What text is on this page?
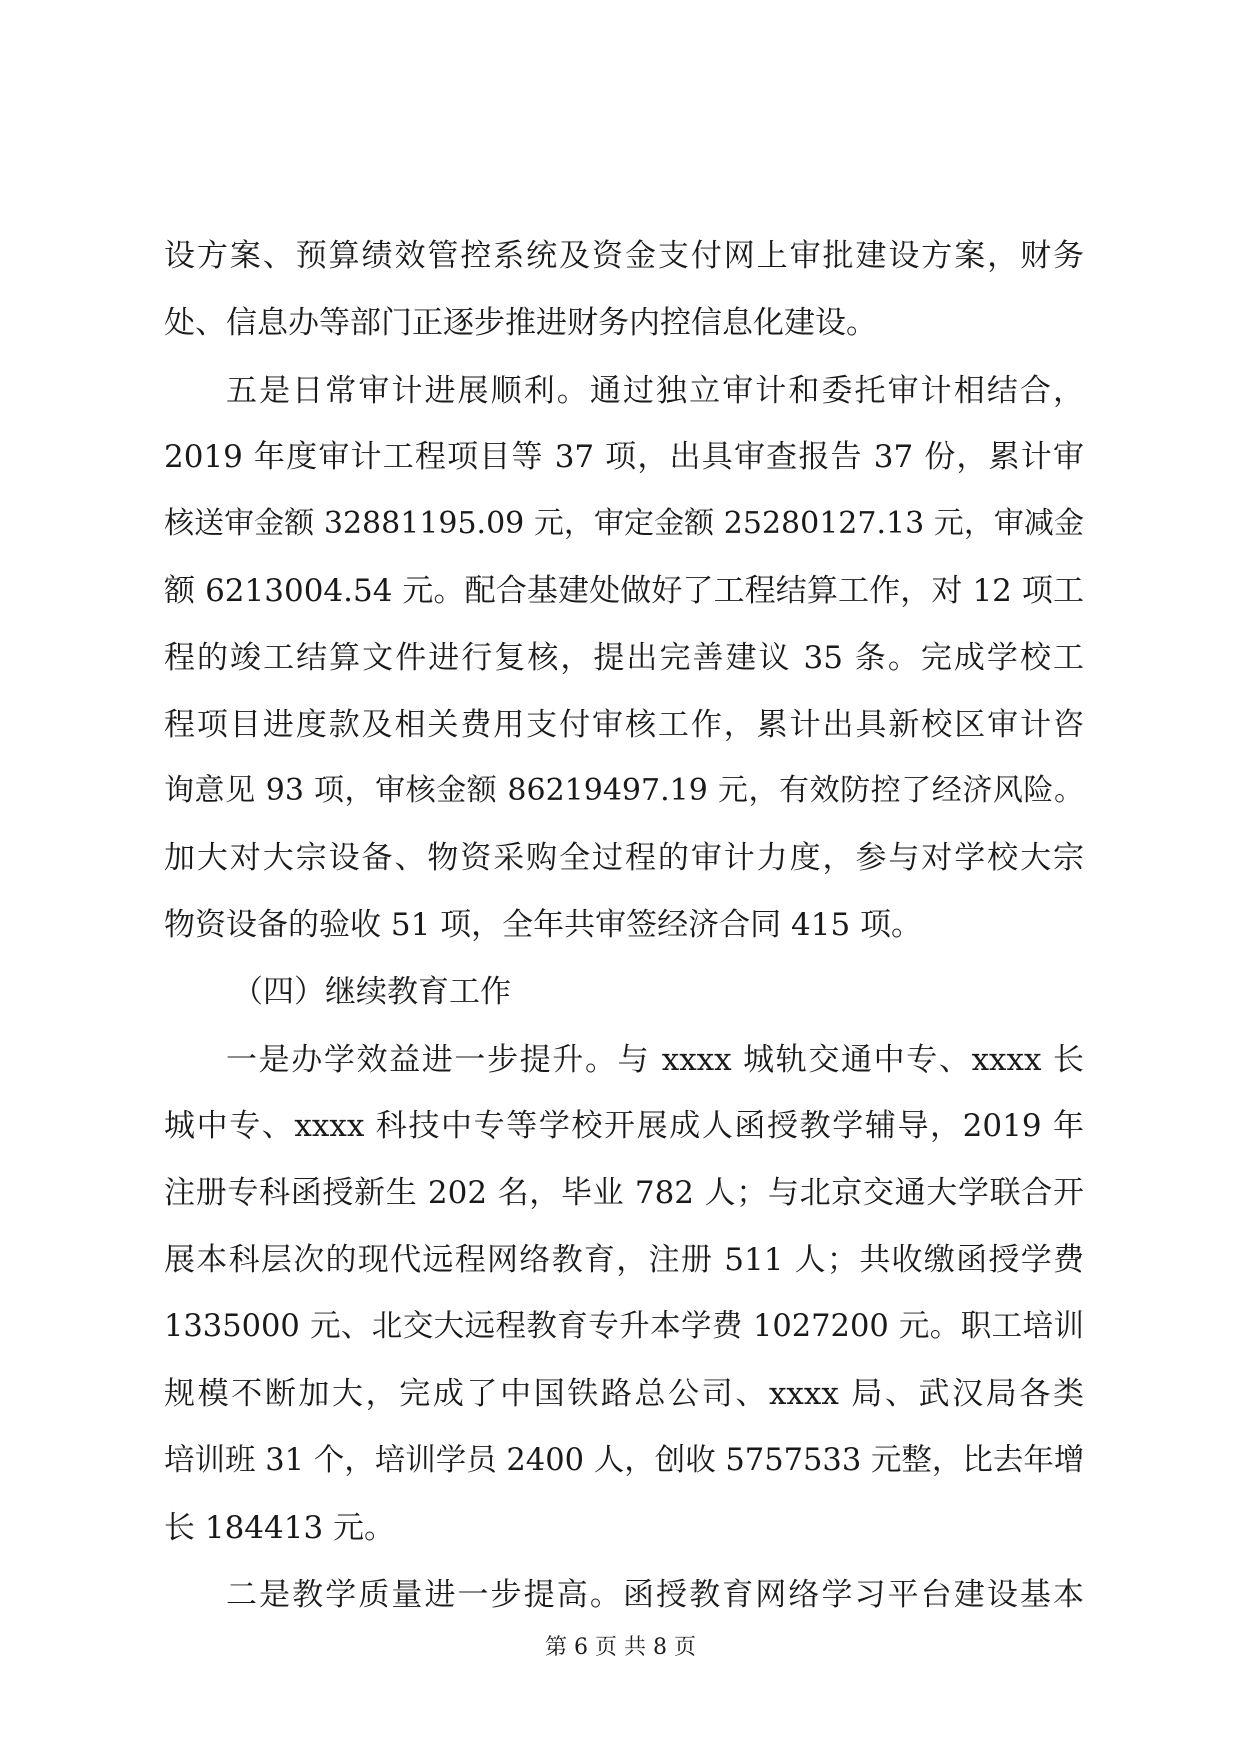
设方案、预算绩效管控系统及资金支付网上审批建设方案，财务
处、信息办等部门正逐步推进财务内控信息化建设。
五是日常审计进展顺利。通过独立审计和委托审计相结合，
2019 年度审计工程项目等 37 项，出具审查报告 37 份，累计审
核送审金额 32881195.09 元，审定金额 25280127.13 元，审减金
额 6213004.54 元。配合基建处做好了工程结算工作，对 12 项工
程的竣工结算文件进行复核，提出完善建议 35 条。完成学校工
程项目进度款及相关费用支付审核工作，累计出具新校区审计咨
询意见 93 项，审核金额 86219497.19 元，有效防控了经济风险。
加大对大宗设备、物资采购全过程的审计力度，参与对学校大宗
物资设备的验收 51 项，全年共审签经济合同 415 项。
（四）继续教育工作
一是办学效益进一步提升。与 xxxx 城轨交通中专、xxxx 长
城中专、xxxx 科技中专等学校开展成人函授教学辅导，2019 年
注册专科函授新生 202 名，毕业 782 人；与北京交通大学联合开
展本科层次的现代远程网络教育，注册 511 人；共收缴函授学费
1335000 元、北交大远程教育专升本学费 1027200 元。职工培训
规模不断加大，完成了中国铁路总公司、xxxx 局、武汉局各类
培训班 31 个，培训学员 2400 人，创收 5757533 元整，比去年增
长 184413 元。
二是教学质量进一步提高。函授教育网络学习平台建设基本
第 6 页 共 8 页
